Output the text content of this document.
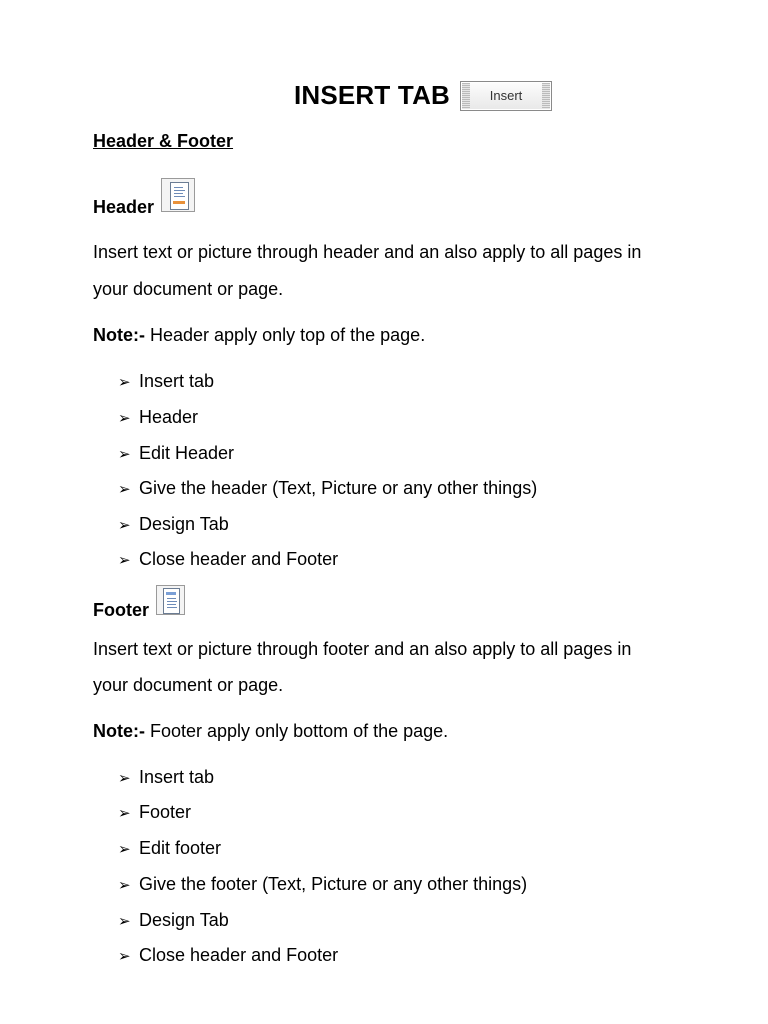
INSERT TAB	Insert
Header & Footer
Header
Insert text or picture through header and an also apply to all pages in
your document or page.
Note:- Header apply only top of the page.
➢ Insert tab
➢ Header
➢ Edit Header
➢ Give the header (Text, Picture or any other things)
➢ Design Tab
➢ Close header and Footer
Footer
Insert text or picture through footer and an also apply to all pages in
your document or page.
Note:- Footer apply only bottom of the page.
➢ Insert tab
➢ Footer
➢ Edit footer
➢ Give the footer (Text, Picture or any other things)
➢ Design Tab
➢ Close header and Footer
